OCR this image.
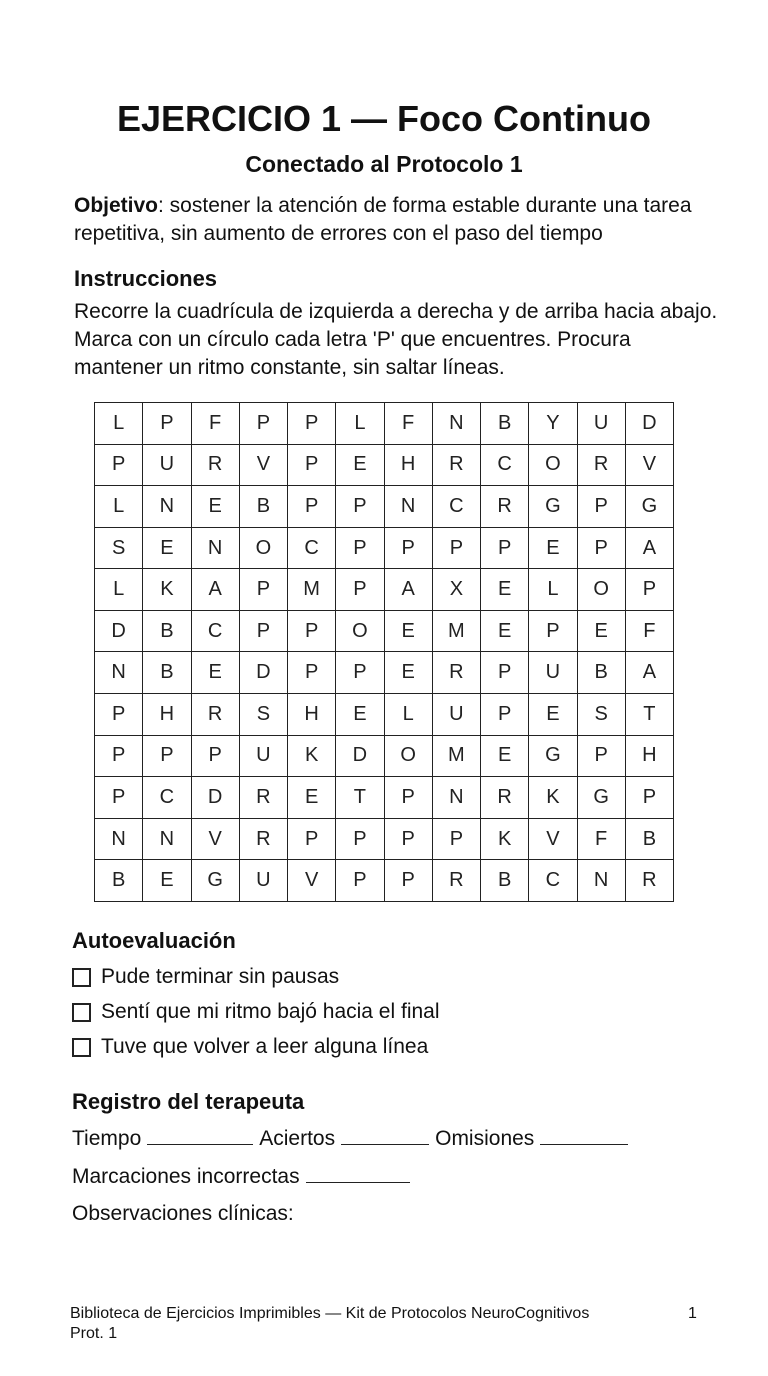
EJERCICIO 1 — Foco Continuo
Conectado al Protocolo 1
Objetivo: sostener la atención de forma estable durante una tarea repetitiva, sin aumento de errores con el paso del tiempo
Instrucciones
Recorre la cuadrícula de izquierda a derecha y de arriba hacia abajo. Marca con un círculo cada letra 'P' que encuentres. Procura mantener un ritmo constante, sin saltar líneas.
L	P	F	P	P	L	F	N	B	Y	U	D
P	U	R	V	P	E	H	R	C	O	R	V
L	N	E	B	P	P	N	C	R	G	P	G
S	E	N	O	C	P	P	P	P	E	P	A
L	K	A	P	M	P	A	X	E	L	O	P
D	B	C	P	P	O	E	M	E	P	E	F
N	B	E	D	P	P	E	R	P	U	B	A
P	H	R	S	H	E	L	U	P	E	S	T
P	P	P	U	K	D	O	M	E	G	P	H
P	C	D	R	E	T	P	N	R	K	G	P
N	N	V	R	P	P	P	P	K	V	F	B
B	E	G	U	V	P	P	R	B	C	N	R
Autoevaluación
Pude terminar sin pausas
Sentí que mi ritmo bajó hacia el final
Tuve que volver a leer alguna línea
Registro del terapeuta
Tiempo	Aciertos	Omisiones
Marcaciones incorrectas
Observaciones clínicas:
Biblioteca de Ejercicios Imprimibles — Kit de Protocolos NeuroCognitivos
Prot. 1
1
